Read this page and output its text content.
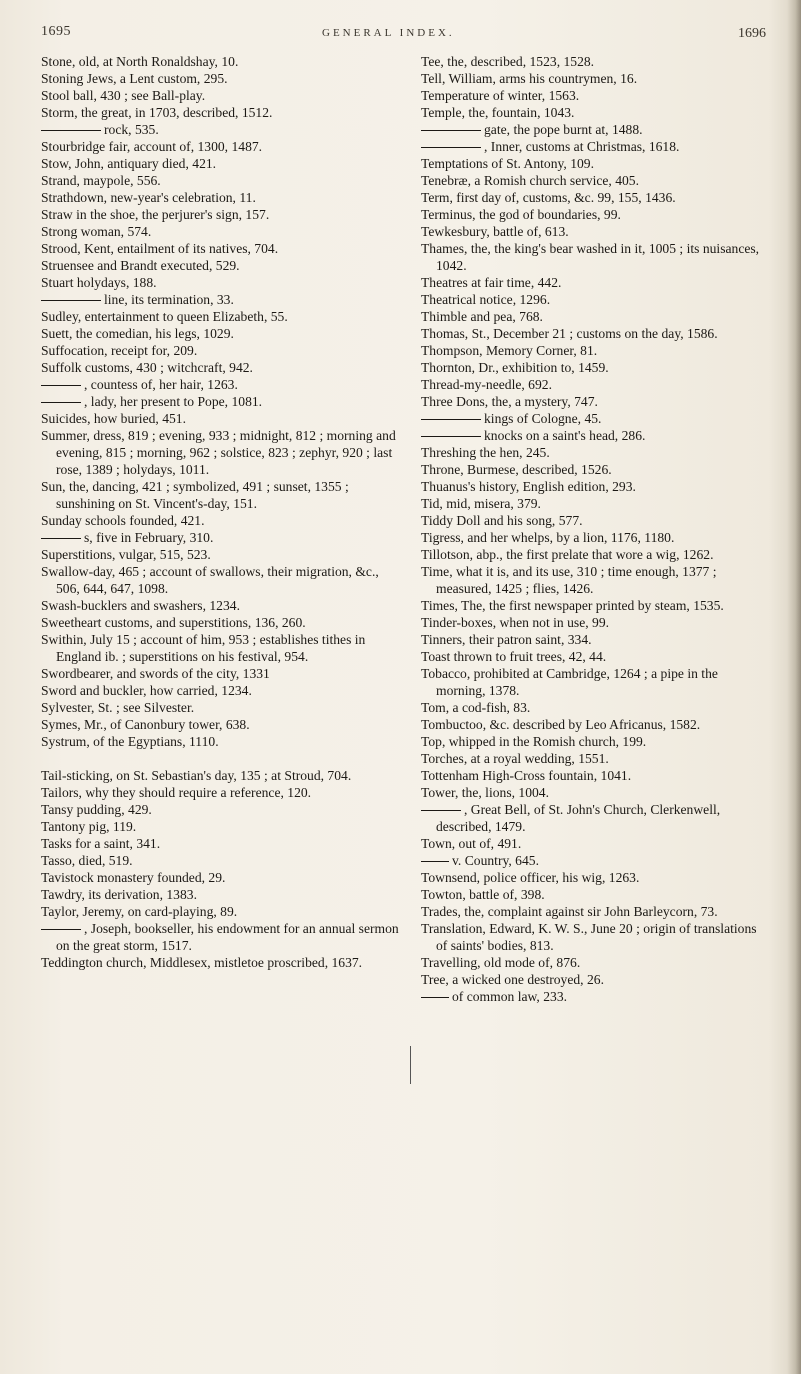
1695	GENERAL INDEX.	1696

Stone, old, at North Ronaldshay, 10.

Stoning Jews, a Lent custom, 295.

Stool ball, 430 ; see Ball-play.

Storm, the great, in 1703, described, 1512.

rock, 535.

Stourbridge fair, account of, 1300, 1487.

Stow, John, antiquary died, 421.

Strand, maypole, 556.

Strathdown, new-year's celebration, 11.

Straw in the shoe, the perjurer's sign, 157.

Strong woman, 574.

Strood, Kent, entailment of its natives, 704.

Struensee and Brandt executed, 529.

Stuart holydays, 188.

line, its termination, 33.

Sudley, entertainment to queen Elizabeth, 55.

Suett, the comedian, his legs, 1029.

Suffocation, receipt for, 209.

Suffolk customs, 430 ; witchcraft, 942.

, countess of, her hair, 1263.

, lady, her present to Pope, 1081.

Suicides, how buried, 451.

Summer, dress, 819 ; evening, 933 ; midnight, 812 ; morning and evening, 815 ; morning, 962 ; solstice, 823 ; zephyr, 920 ; last rose, 1389 ; holydays, 1011.

Sun, the, dancing, 421 ; symbolized, 491 ; sunset, 1355 ; sunshining on St. Vincent's-day, 151.

Sunday schools founded, 421.

s, five in February, 310.

Superstitions, vulgar, 515, 523.

Swallow-day, 465 ; account of swallows, their migration, &c., 506, 644, 647, 1098.

Swash-bucklers and swashers, 1234.

Sweetheart customs, and superstitions, 136, 260.

Swithin, July 15 ; account of him, 953 ; establishes tithes in England ib. ; superstitions on his festival, 954.

Swordbearer, and swords of the city, 1331

Sword and buckler, how carried, 1234.

Sylvester, St. ; see Silvester.

Symes, Mr., of Canonbury tower, 638.

Systrum, of the Egyptians, 1110.

Tail-sticking, on St. Sebastian's day, 135 ; at Stroud, 704.

Tailors, why they should require a reference, 120.

Tansy pudding, 429.

Tantony pig, 119.

Tasks for a saint, 341.

Tasso, died, 519.

Tavistock monastery founded, 29.

Tawdry, its derivation, 1383.

Taylor, Jeremy, on card-playing, 89.

, Joseph, bookseller, his endowment for an annual sermon on the great storm, 1517.

Teddington church, Middlesex, mistletoe proscribed, 1637.

Tee, the, described, 1523, 1528.

Tell, William, arms his countrymen, 16.

Temperature of winter, 1563.

Temple, the, fountain, 1043.

gate, the pope burnt at, 1488.

, Inner, customs at Christmas, 1618.

Temptations of St. Antony, 109.

Tenebræ, a Romish church service, 405.

Term, first day of, customs, &c. 99, 155, 1436.

Terminus, the god of boundaries, 99.

Tewkesbury, battle of, 613.

Thames, the, the king's bear washed in it, 1005 ; its nuisances, 1042.

Theatres at fair time, 442.

Theatrical notice, 1296.

Thimble and pea, 768.

Thomas, St., December 21 ; customs on the day, 1586.

Thompson, Memory Corner, 81.

Thornton, Dr., exhibition to, 1459.

Thread-my-needle, 692.

Three Dons, the, a mystery, 747.

kings of Cologne, 45.

knocks on a saint's head, 286.

Threshing the hen, 245.

Throne, Burmese, described, 1526.

Thuanus's history, English edition, 293.

Tid, mid, misera, 379.

Tiddy Doll and his song, 577.

Tigress, and her whelps, by a lion, 1176, 1180.

Tillotson, abp., the first prelate that wore a wig, 1262.

Time, what it is, and its use, 310 ; time enough, 1377 ; measured, 1425 ; flies, 1426.

Times, The, the first newspaper printed by steam, 1535.

Tinder-boxes, when not in use, 99.

Tinners, their patron saint, 334.

Toast thrown to fruit trees, 42, 44.

Tobacco, prohibited at Cambridge, 1264 ; a pipe in the morning, 1378.

Tom, a cod-fish, 83.

Tombuctoo, &c. described by Leo Africanus, 1582.

Top, whipped in the Romish church, 199.

Torches, at a royal wedding, 1551.

Tottenham High-Cross fountain, 1041.

Tower, the, lions, 1004.

, Great Bell, of St. John's Church, Clerkenwell, described, 1479.

Town, out of, 491.

v. Country, 645.

Townsend, police officer, his wig, 1263.

Towton, battle of, 398.

Trades, the, complaint against sir John Barleycorn, 73.

Translation, Edward, K. W. S., June 20 ; origin of translations of saints' bodies, 813.

Travelling, old mode of, 876.

Tree, a wicked one destroyed, 26.

of common law, 233.
